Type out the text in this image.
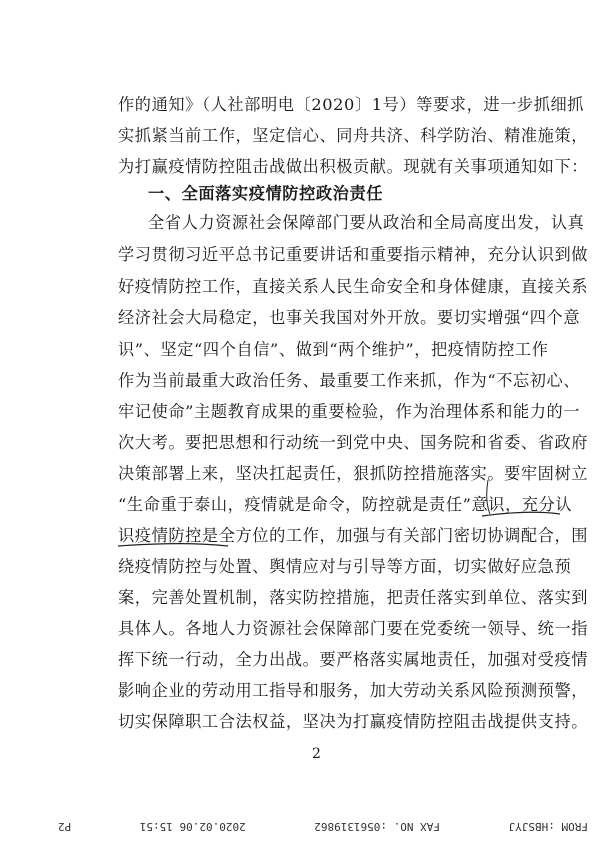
作的通知》（人社部明电〔2020〕1号）等要求，进一步抓细抓
实抓紧当前工作，坚定信心、同舟共济、科学防治、精准施策，
为打赢疫情防控阻击战做出积极贡献。现就有关事项通知如下：
一、全面落实疫情防控政治责任
全省人力资源社会保障部门要从政治和全局高度出发，认真
学习贯彻习近平总书记重要讲话和重要指示精神，充分认识到做
好疫情防控工作，直接关系人民生命安全和身体健康，直接关系
经济社会大局稳定，也事关我国对外开放。要切实增强“四个意
识”、坚定“四个自信”、做到“两个维护”，把疫情防控工作
作为当前最重大政治任务、最重要工作来抓，作为“不忘初心、
牢记使命”主题教育成果的重要检验，作为治理体系和能力的一
次大考。要把思想和行动统一到党中央、国务院和省委、省政府
决策部署上来，坚决扛起责任，狠抓防控措施落实。要牢固树立
“生命重于泰山，疫情就是命令，防控就是责任”意识，充分认
识疫情防控是全方位的工作，加强与有关部门密切协调配合，围
绕疫情防控与处置、舆情应对与引导等方面，切实做好应急预
案，完善处置机制，落实防控措施，把责任落实到单位、落实到
具体人。各地人力资源社会保障部门要在党委统一领导、统一指
挥下统一行动，全力出战。要严格落实属地责任，加强对受疫情
影响企业的劳动用工指导和服务，加大劳动关系风险预测预警，
切实保障职工合法权益，坚决为打赢疫情防控阻击战提供支持。
2
FROM :HBSJYJ
FAX NO. :0561319862
2020.02.06 15:51
P2
